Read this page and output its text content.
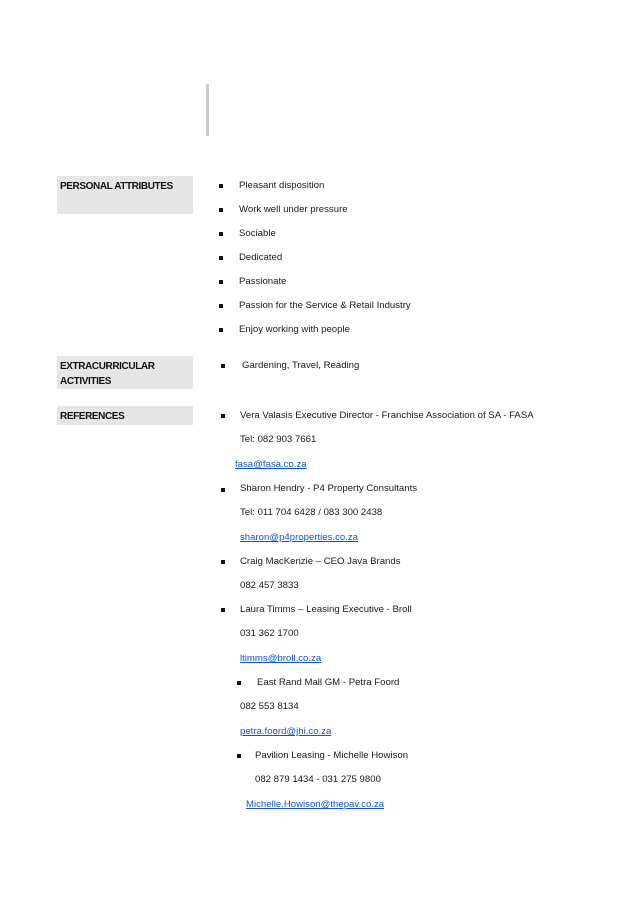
PERSONAL ATTRIBUTES	Pleasant disposition
Work well under pressure
Sociable
Dedicated
Passionate
Passion for the Service & Retail Industry
Enjoy working with people
EXTRACURRICULAR
ACTIVITIES
Gardening, Travel, Reading
REFERENCES	Vera Valasis Executive Director - Franchise Association of SA - FASA
Tel: 082 903 7661
fasa@fasa.co.za
Sharon Hendry - P4 Property Consultants
Tel: 011 704 6428 / 083 300 2438
sharon@p4properties.co.za
Craig MacKenzie – CEO Java Brands
082 457 3833
Laura Timms – Leasing Executive - Broll
031 362 1700
ltimms@broll.co.za
East Rand Mall GM - Petra Foord
082 553 8134
petra.foord@jhi.co.za
Pavilion Leasing - Michelle Howison
082 879 1434 - 031 275 9800
Michelle.Howison@thepav.co.za
